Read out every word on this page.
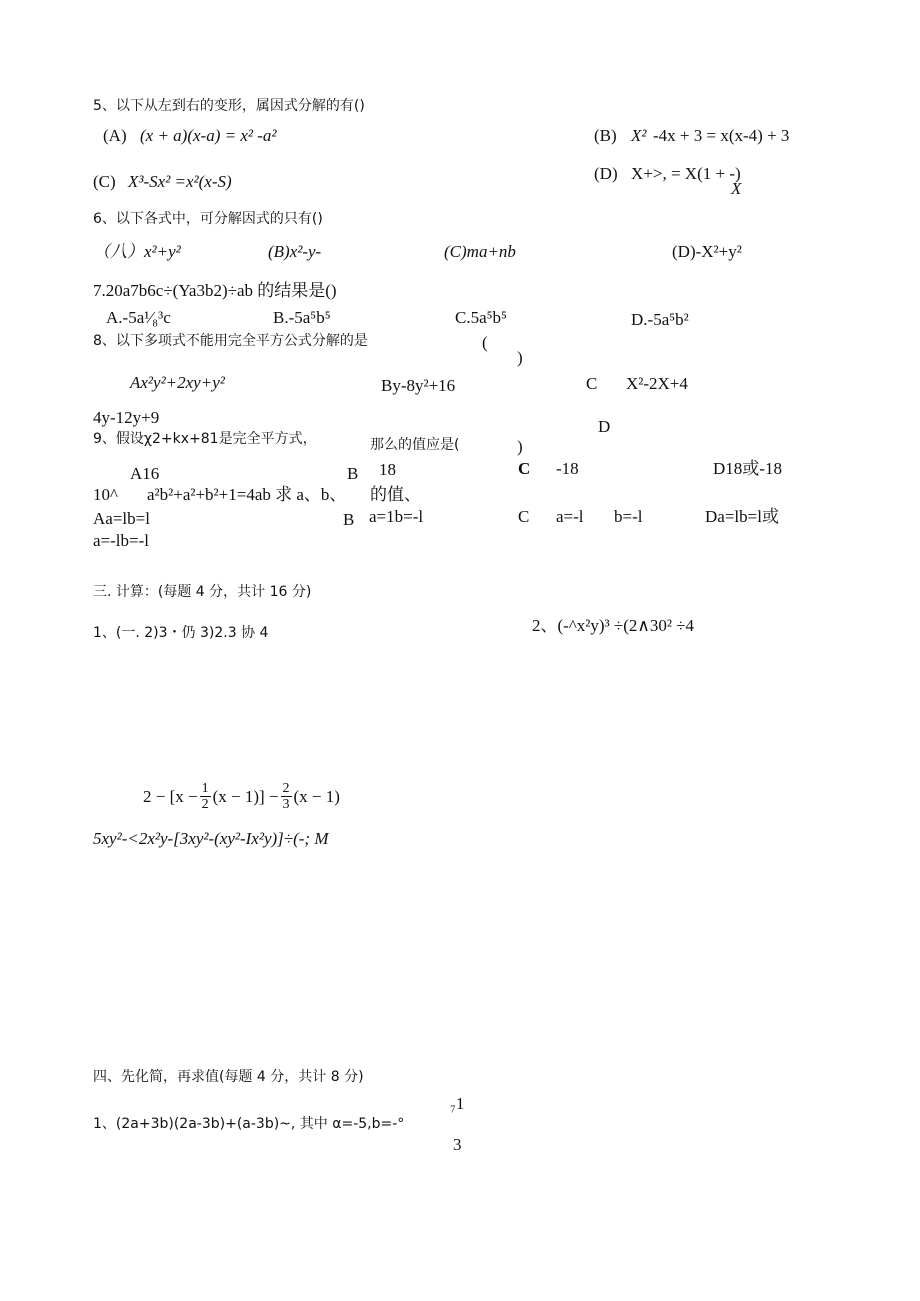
5、以下从左到右的变形，属因式分解的有()
(A) (x + a)(x-a) = x² -a²	(B) X² -4x + 3 = x(x-4) + 3
(C) X³-Sx² =x²(x-S)	(D) X+>, = X(1 + -)
X
6、以下各式中，可分解因式的只有()
（八）x²+y²	(B)x²-y-	(C)ma+nb	(D)-X²+y²
7.20a7b6c÷(Ya3b2)÷ab 的结果是()
A.-5a¹⁄₈³c	B.-5a⁵b⁵	C.5a⁵b⁵	D.-5a⁵b²
8、以下多项式不能用完全平方公式分解的是	(
)
Ax²y²+2xy+y²	By-8y²+16	C X²-2X+4
4y-12y+9	D
9、假设χ2+kx+81是完全平方式，	那么的值应是(	)
A16	B 18	C -18	D18或-18
10^ a²b²+a²+b²+1=4ab 求 a、b、 的值、
Aa=lb=l	B a=1b=-l	C a=-l b=-l	Da=lb=l或
a=-lb=-l
三. 计算：(每题 4 分，共计 16 分)
1、(一. 2)3・仍 3)2.3 协 4	2、(-^x²y)³ ÷(2∧30² ÷4
$2 - [x - \frac{1}{2} (x - 1)] - \frac{2}{3} (x - 1)$
5xy²-<2x²y-[3xy²-(xy²-Ix²y)]÷(-; M
四、先化简，再求值(每题 4 分，共计 8 分)
₇1
1、(2a+3b)(2a-3b)+(a-3b)~, 其中 α=-5,b=-°
3
